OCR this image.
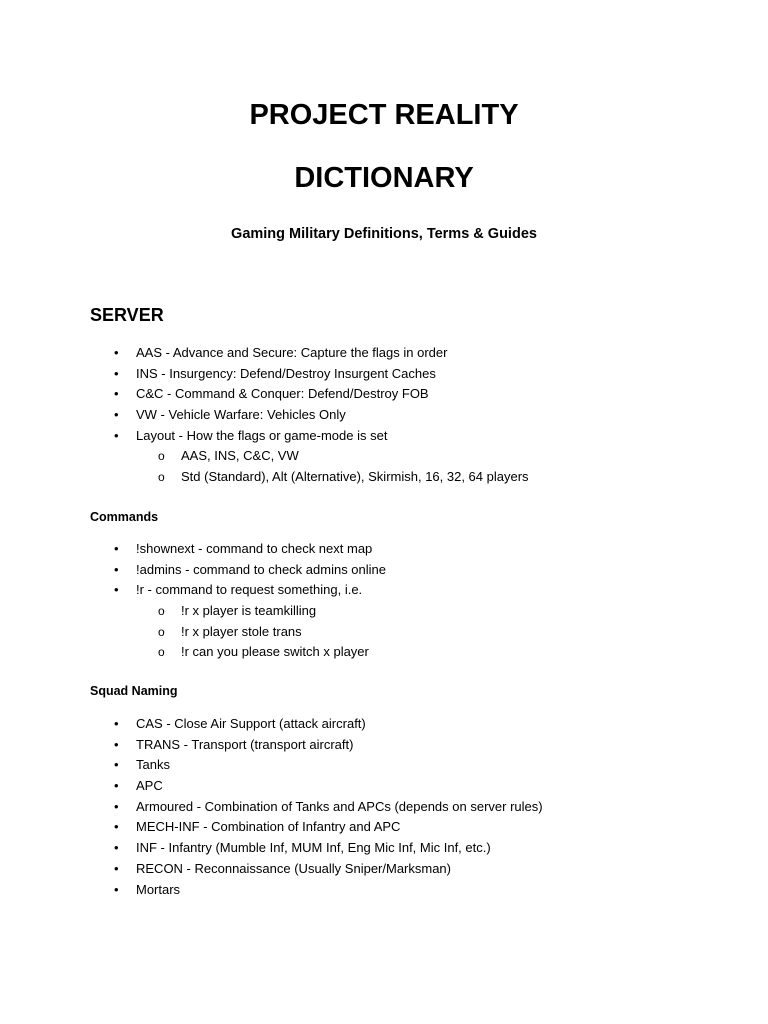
PROJECT REALITY
DICTIONARY
Gaming Military Definitions, Terms & Guides
SERVER
• AAS - Advance and Secure: Capture the flags in order
• INS - Insurgency: Defend/Destroy Insurgent Caches
• C&C - Command & Conquer: Defend/Destroy FOB
• VW - Vehicle Warfare: Vehicles Only
• Layout - How the flags or game-mode is set
o AAS, INS, C&C, VW
o Std (Standard), Alt (Alternative), Skirmish, 16, 32, 64 players
Commands
• !shownext - command to check next map
• !admins - command to check admins online
• !r - command to request something, i.e.
o !r x player is teamkilling
o !r x player stole trans
o !r can you please switch x player
Squad Naming
• CAS - Close Air Support (attack aircraft)
• TRANS - Transport (transport aircraft)
• Tanks
• APC
• Armoured - Combination of Tanks and APCs (depends on server rules)
• MECH-INF - Combination of Infantry and APC
• INF - Infantry (Mumble Inf, MUM Inf, Eng Mic Inf, Mic Inf, etc.)
• RECON - Reconnaissance (Usually Sniper/Marksman)
• Mortars
